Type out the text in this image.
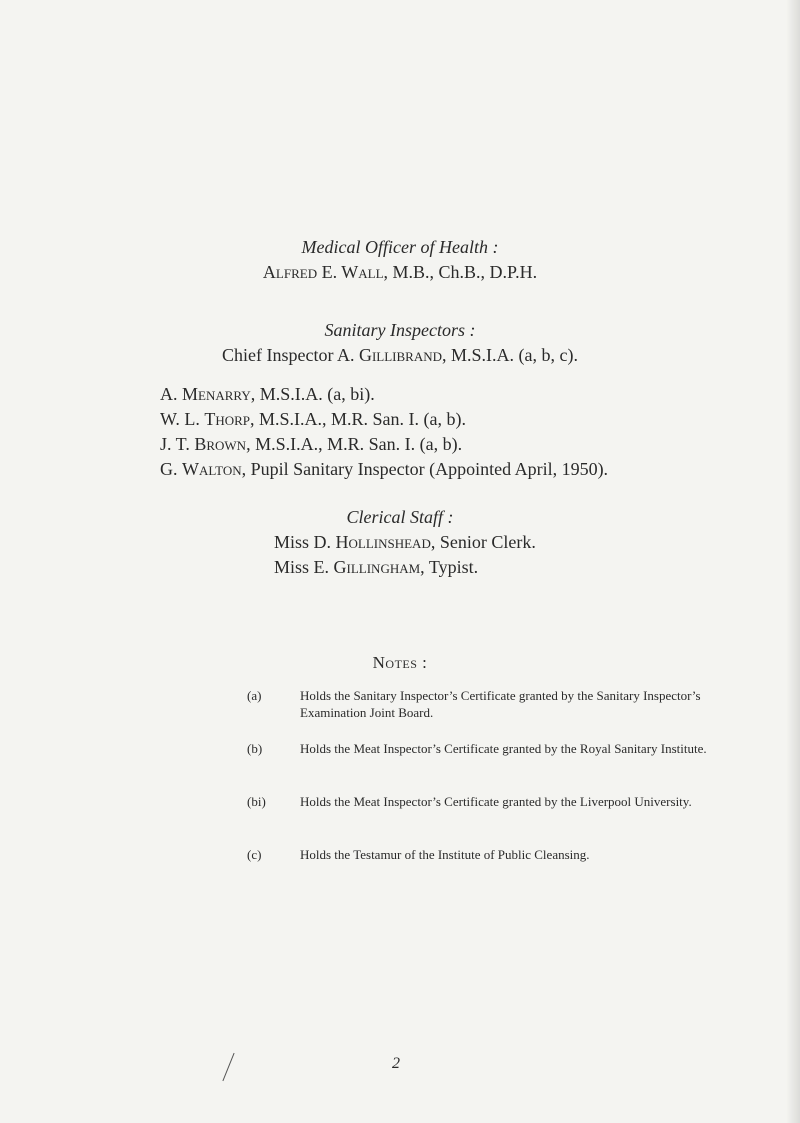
Medical Officer of Health :
Alfred E. Wall, M.B., Ch.B., D.P.H.
Sanitary Inspectors :
Chief Inspector A. Gillibrand, M.S.I.A. (a, b, c).
A. Menarry, M.S.I.A. (a, bi).
W. L. Thorp, M.S.I.A., M.R. San. I. (a, b).
J. T. Brown, M.S.I.A., M.R. San. I. (a, b).
G. Walton, Pupil Sanitary Inspector (Appointed April, 1950).
Clerical Staff :
Miss D. Hollinshead, Senior Clerk.
Miss E. Gillingham, Typist.
Notes :
(a)	Holds the Sanitary Inspector’s Certificate granted by the Sanitary Inspector’s Examination Joint Board.
(b)	Holds the Meat Inspector’s Certificate granted by the Royal Sanitary Institute.
(bi)	Holds the Meat Inspector’s Certificate granted by the Liverpool University.
(c)	Holds the Testamur of the Institute of Public Cleansing.
2
